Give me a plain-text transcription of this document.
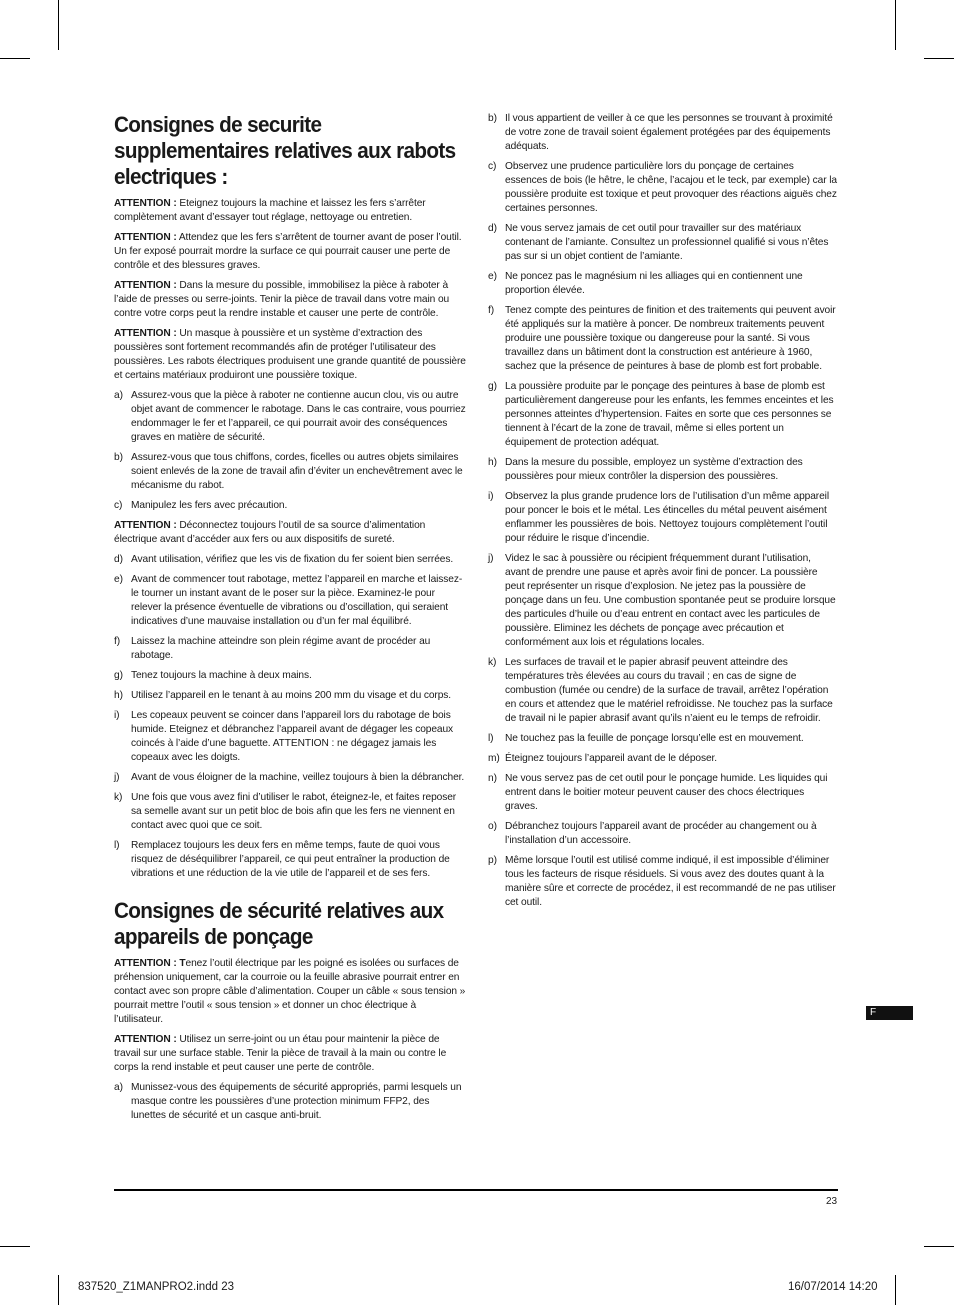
Consignes de securite supplementaires relatives aux rabots electriques :

ATTENTION : Eteignez toujours la machine et laissez les fers s’arrêter complètement avant d’essayer tout réglage, nettoyage ou entretien.

ATTENTION : Attendez que les fers s’arrêtent de tourner avant de poser l’outil. Un fer exposé pourrait mordre la surface ce qui pourrait causer une perte de contrôle et des blessures graves.

ATTENTION : Dans la mesure du possible, immobilisez la pièce à raboter à l’aide de presses ou serre-joints. Tenir la pièce de travail dans votre main ou contre votre corps peut la rendre instable et causer une perte de contrôle.

ATTENTION : Un masque à poussière et un système d’extraction des poussières sont fortement recommandés afin de protéger l’utilisateur des poussières. Les rabots électriques produisent une grande quantité de poussière et certains matériaux produiront une poussière toxique.

a) Assurez-vous que la pièce à raboter ne contienne aucun clou, vis ou autre objet avant de commencer le rabotage. Dans le cas contraire, vous pourriez endommager le fer et l’appareil, ce qui pourrait avoir des conséquences graves en matière de sécurité.
b) Assurez-vous que tous chiffons, cordes, ficelles ou autres objets similaires soient enlevés de la zone de travail afin d’éviter un enchevêtrement avec le mécanisme du rabot.
c) Manipulez les fers avec précaution.

ATTENTION : Déconnectez toujours l’outil de sa source d’alimentation électrique avant d’accéder aux fers ou aux dispositifs de sureté.

d) Avant utilisation, vérifiez que les vis de fixation du fer soient bien serrées.
e) Avant de commencer tout rabotage, mettez l’appareil en marche et laissez-le tourner un instant avant de le poser sur la pièce. Examinez-le pour relever la présence éventuelle de vibrations ou d’oscillation, qui seraient indicatives d’une mauvaise installation ou d’un fer mal équilibré.
f)	Laissez la machine atteindre son plein régime avant de procéder au rabotage.
g) Tenez toujours la machine à deux mains.
h) Utilisez l’appareil en le tenant à au moins 200 mm du visage et du corps.
i)	Les copeaux peuvent se coincer dans l’appareil lors du rabotage de bois humide. Eteignez et débranchez l’appareil avant de dégager les copeaux coincés à l’aide d’une baguette. ATTENTION : ne dégagez jamais les copeaux avec les doigts.
j)	Avant de vous éloigner de la machine, veillez toujours à bien la débrancher.
k) Une fois que vous avez fini d’utiliser le rabot, éteignez-le, et faites reposer sa semelle avant sur un petit bloc de bois afin que les fers ne viennent en contact avec quoi que ce soit.
l)	Remplacez toujours les deux fers en même temps, faute de quoi vous risquez de déséquilibrer l’appareil, ce qui peut entraîner la production de vibrations et une réduction de la vie utile de l’appareil et de ses fers.
Consignes de sécurité relatives aux appareils de ponçage

ATTENTION : Tenez l’outil électrique par les poigné es isolées ou surfaces de préhension uniquement, car la courroie ou la feuille abrasive pourrait entrer en contact avec son propre câble d’alimentation. Couper un câble « sous tension » pourrait mettre l’outil « sous tension » et donner un choc électrique à l’utilisateur.

ATTENTION : Utilisez un serre-joint ou un étau pour maintenir la pièce de travail sur une surface stable. Tenir la pièce de travail à la main ou contre le corps la rend instable et peut causer une perte de contrôle.

a) Munissez-vous des équipements de sécurité appropriés, parmi lesquels un masque contre les poussières d’une protection minimum FFP2, des lunettes de sécurité et un casque anti-bruit.
b) Il vous appartient de veiller à ce que les personnes se trouvant à proximité de votre zone de travail soient également protégées par des équipements adéquats.
c) Observez une prudence particulière lors du ponçage de certaines essences de bois (le hêtre, le chêne, l’acajou et le teck, par exemple) car la poussière produite est toxique et peut provoquer des réactions aiguës chez certaines personnes.
d) Ne vous servez jamais de cet outil pour travailler sur des matériaux contenant de l’amiante. Consultez un professionnel qualifié si vous n’êtes pas sur si un objet contient de l’amiante.
e) Ne poncez pas le magnésium ni les alliages qui en contiennent une proportion élevée.
f)	Tenez compte des peintures de finition et des traitements qui peuvent avoir été appliqués sur la matière à poncer. De nombreux traitements peuvent produire une poussière toxique ou dangereuse pour la santé. Si vous travaillez dans un bâtiment dont la construction est antérieure à 1960, sachez que la présence de peintures à base de plomb est fort probable.
g) La poussière produite par le ponçage des peintures à base de plomb est particulièrement dangereuse pour les enfants, les femmes enceintes et les personnes atteintes d’hypertension. Faites en sorte que ces personnes se tiennent à l’écart de la zone de travail, même si elles portent un équipement de protection adéquat.
h) Dans la mesure du possible, employez un système d’extraction des poussières pour mieux contrôler la dispersion des poussières.
i)	Observez la plus grande prudence lors de l’utilisation d’un même appareil pour poncer le bois et le métal. Les étincelles du métal peuvent aisément enflammer les poussières de bois. Nettoyez toujours complètement l’outil pour réduire le risque d’incendie.
j)	Videz le sac à poussière ou récipient fréquemment durant l’utilisation, avant de prendre une pause et après avoir fini de poncer. La poussière peut représenter un risque d’explosion. Ne jetez pas la poussière de ponçage dans un feu. Une combustion spontanée peut se produire lorsque des particules d’huile ou d’eau entrent en contact avec les particules de poussière. Eliminez les déchets de ponçage avec précaution et conformément aux lois et régulations locales.
k) Les surfaces de travail et le papier abrasif peuvent atteindre des températures très élevées au cours du travail ; en cas de signe de combustion (fumée ou cendre) de la surface de travail, arrêtez l’opération en cours et attendez que le matériel refroidisse. Ne touchez pas la surface de travail ni le papier abrasif avant qu’ils n’aient eu le temps de refroidir.
l)	Ne touchez pas la feuille de ponçage lorsqu’elle est en mouvement.
m) Éteignez toujours l’appareil avant de le déposer.
n) Ne vous servez pas de cet outil pour le ponçage humide. Les liquides qui entrent dans le boitier moteur peuvent causer des chocs électriques graves.
o) Débranchez toujours l’appareil avant de procéder au changement ou à l’installation d’un accessoire.
p) Même lorsque l’outil est utilisé comme indiqué, il est impossible d’éliminer tous les facteurs de risque résiduels. Si vous avez des doutes quant à la manière sûre et correcte de procédez, il est recommandé de ne pas utiliser cet outil.
F
23
837520_Z1MANPRO2.indd 23	16/07/2014 14:20
